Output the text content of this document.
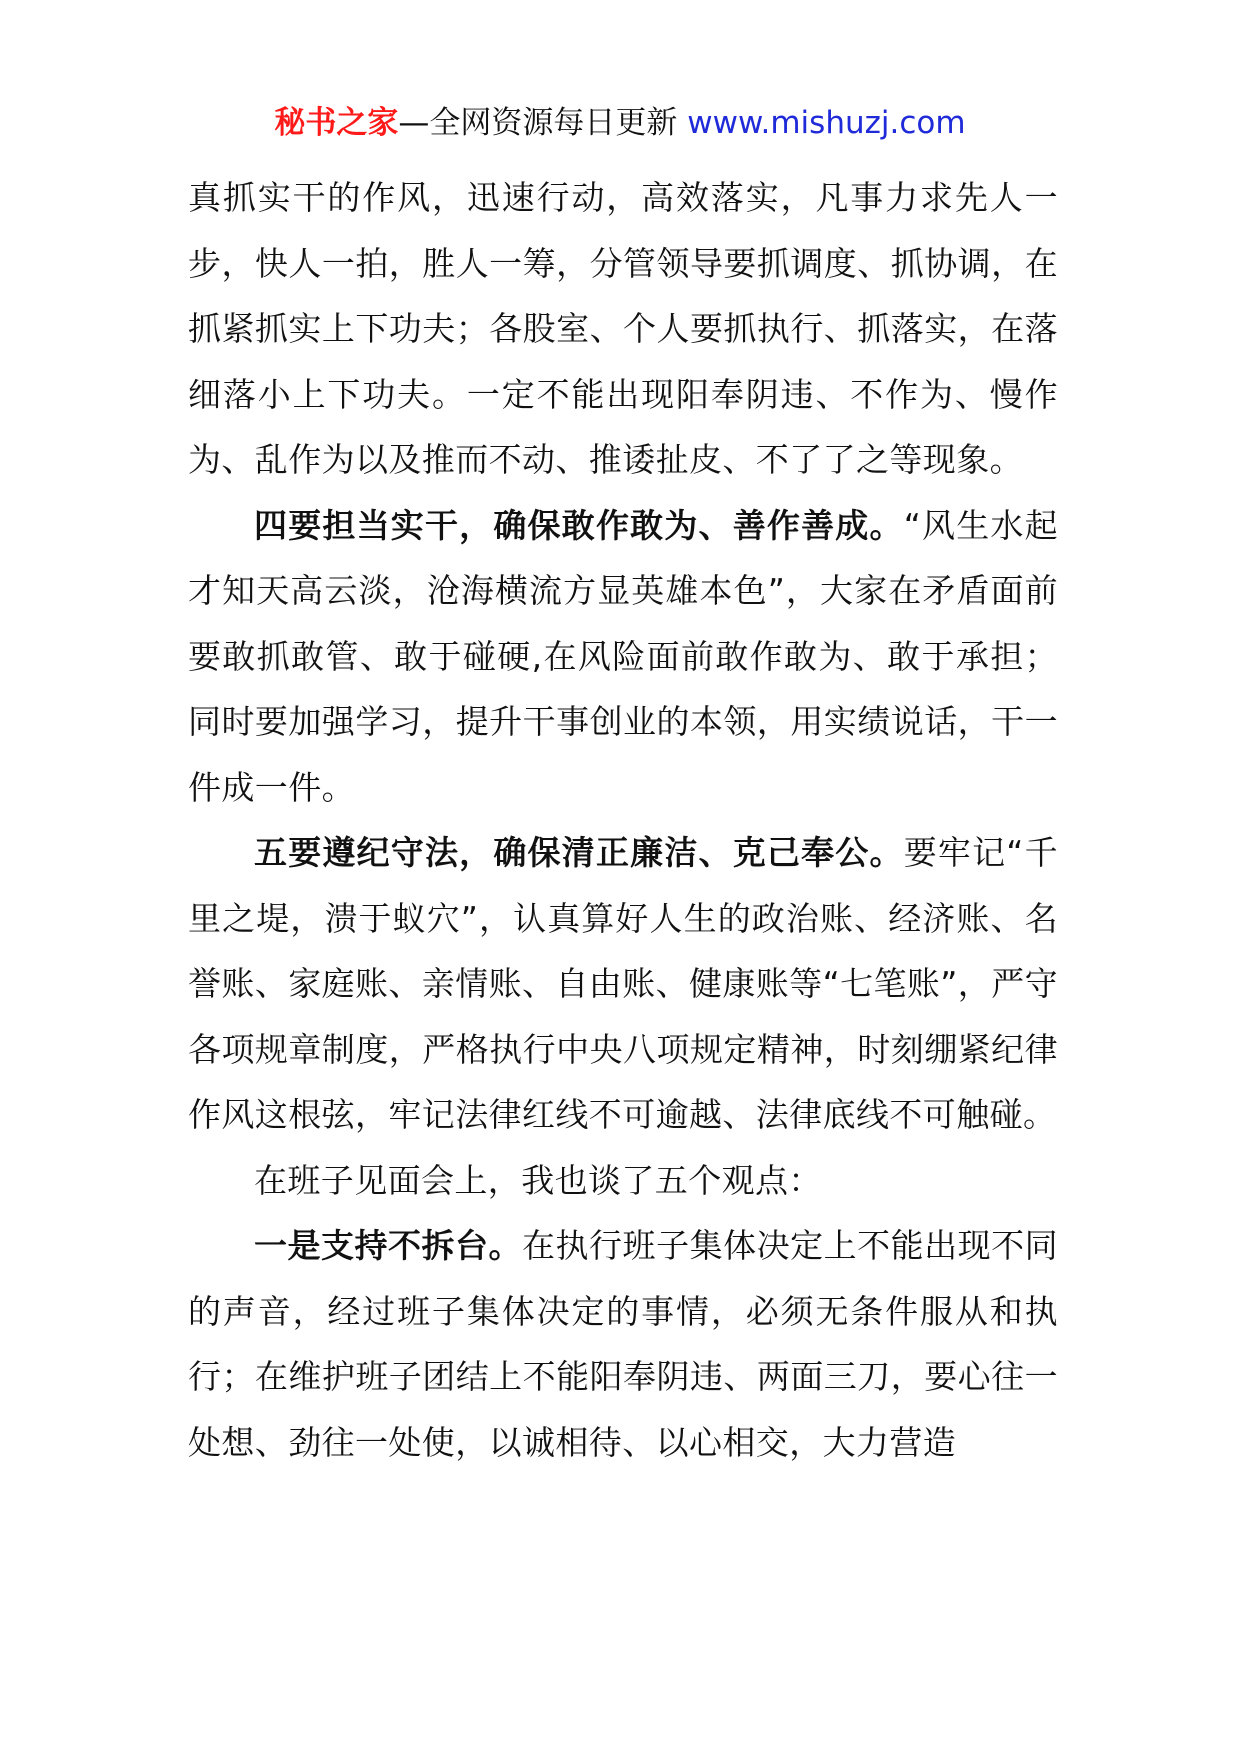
秘书之家—全网资源每日更新 www.mishuzj.com

真抓实干的作风，迅速行动，高效落实，凡事力求先人一步，快人一拍，胜人一筹，分管领导要抓调度、抓协调，在抓紧抓实上下功夫；各股室、个人要抓执行、抓落实，在落细落小上下功夫。一定不能出现阳奉阴违、不作为、慢作为、乱作为以及推而不动、推诿扯皮、不了了之等现象。

四要担当实干，确保敢作敢为、善作善成。“风生水起才知天高云淡，沧海横流方显英雄本色”，大家在矛盾面前要敢抓敢管、敢于碰硬,在风险面前敢作敢为、敢于承担；同时要加强学习，提升干事创业的本领，用实绩说话，干一件成一件。

五要遵纪守法，确保清正廉洁、克己奉公。要牢记“千里之堤，溃于蚁穴”，认真算好人生的政治账、经济账、名誉账、家庭账、亲情账、自由账、健康账等“七笔账”，严守各项规章制度，严格执行中央八项规定精神，时刻绷紧纪律作风这根弦，牢记法律红线不可逾越、法律底线不可触碰。

在班子见面会上，我也谈了五个观点：

一是支持不拆台。在执行班子集体决定上不能出现不同的声音，经过班子集体决定的事情，必须无条件服从和执行；在维护班子团结上不能阳奉阴违、两面三刀，要心往一处想、劲往一处使，以诚相待、以心相交，大力营造
